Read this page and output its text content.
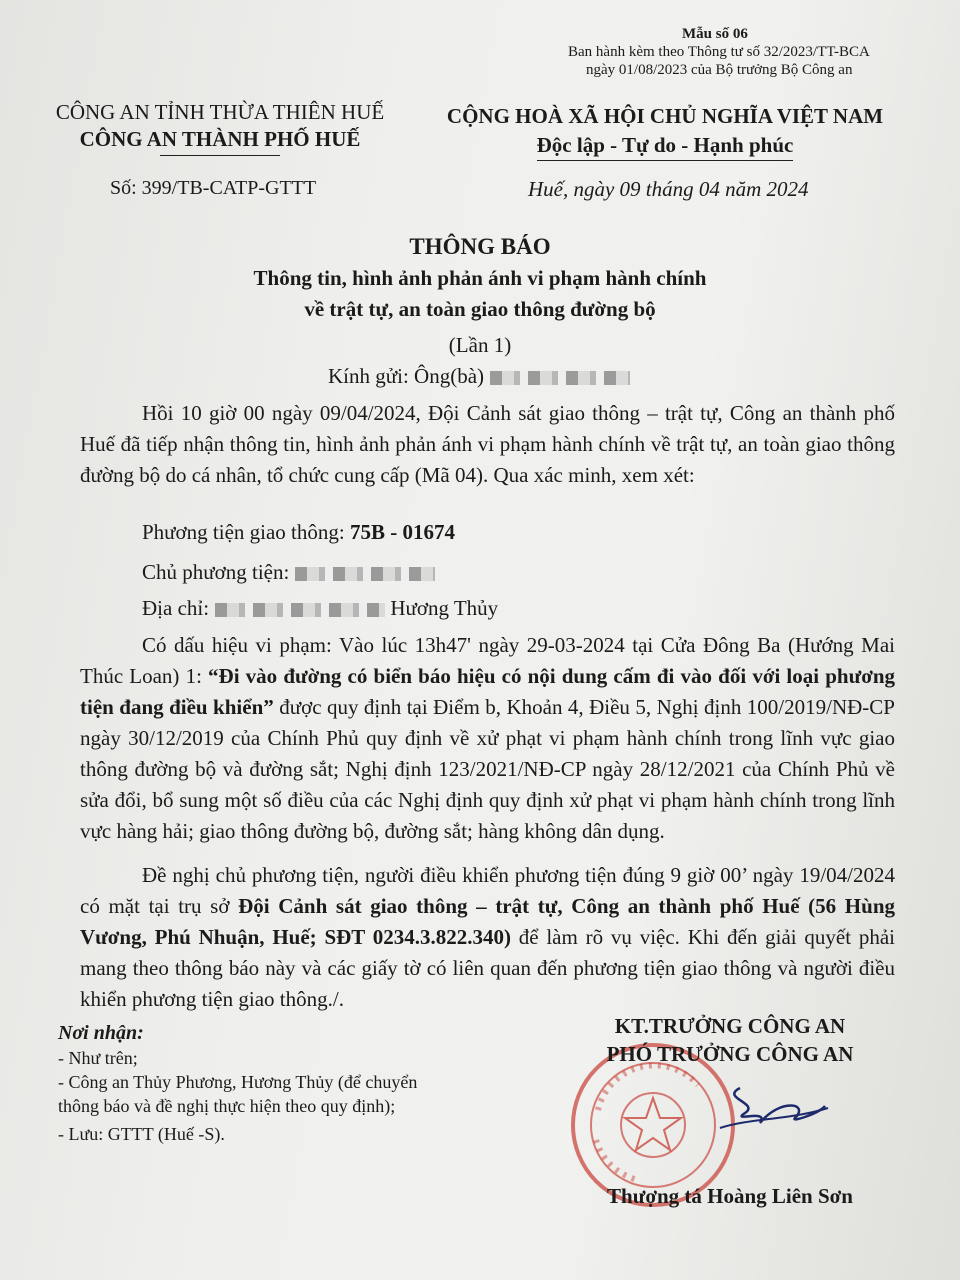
Mẫu số 06
Ban hành kèm theo Thông tư số 32/2023/TT-BCA
ngày 01/08/2023 của Bộ trưởng Bộ Công an
CÔNG AN TỈNH THỪA THIÊN HUẾ
CÔNG AN THÀNH PHỐ HUẾ
CỘNG HOÀ XÃ HỘI CHỦ NGHĨA VIỆT NAM
Độc lập - Tự do - Hạnh phúc
Số: 399/TB-CATP-GTTT	Huế, ngày 09 tháng 04 năm 2024
THÔNG BÁO
Thông tin, hình ảnh phản ánh vi phạm hành chính
về trật tự, an toàn giao thông đường bộ
(Lần 1)
Kính gửi: Ông(bà)
Hồi 10 giờ 00 ngày 09/04/2024, Đội Cảnh sát giao thông – trật tự, Công an thành phố Huế đã tiếp nhận thông tin, hình ảnh phản ánh vi phạm hành chính về trật tự, an toàn giao thông đường bộ do cá nhân, tổ chức cung cấp (Mã 04). Qua xác minh, xem xét:
Phương tiện giao thông: 75B - 01674
Chủ phương tiện:
Địa chỉ:	Hương Thủy
Có dấu hiệu vi phạm: Vào lúc 13h47' ngày 29-03-2024 tại Cửa Đông Ba (Hướng Mai Thúc Loan) 1: “Đi vào đường có biển báo hiệu có nội dung cấm đi vào đối với loại phương tiện đang điều khiển” được quy định tại Điểm b, Khoản 4, Điều 5, Nghị định 100/2019/NĐ-CP ngày 30/12/2019 của Chính Phủ quy định về xử phạt vi phạm hành chính trong lĩnh vực giao thông đường bộ và đường sắt; Nghị định 123/2021/NĐ-CP ngày 28/12/2021 của Chính Phủ về sửa đổi, bổ sung một số điều của các Nghị định quy định xử phạt vi phạm hành chính trong lĩnh vực hàng hải; giao thông đường bộ, đường sắt; hàng không dân dụng.
Đề nghị chủ phương tiện, người điều khiển phương tiện đúng 9 giờ 00’ ngày 19/04/2024 có mặt tại trụ sở Đội Cảnh sát giao thông – trật tự, Công an thành phố Huế (56 Hùng Vương, Phú Nhuận, Huế; SĐT 0234.3.822.340) để làm rõ vụ việc. Khi đến giải quyết phải mang theo thông báo này và các giấy tờ có liên quan đến phương tiện giao thông và người điều khiển phương tiện giao thông./.
Nơi nhận:
- Như trên;
- Công an Thủy Phương, Hương Thủy (để chuyển
thông báo và đề nghị thực hiện theo quy định);
- Lưu: GTTT (Huế -S).
KT.TRƯỞNG CÔNG AN
PHÓ TRƯỞNG CÔNG AN
Thượng tá Hoàng Liên Sơn
